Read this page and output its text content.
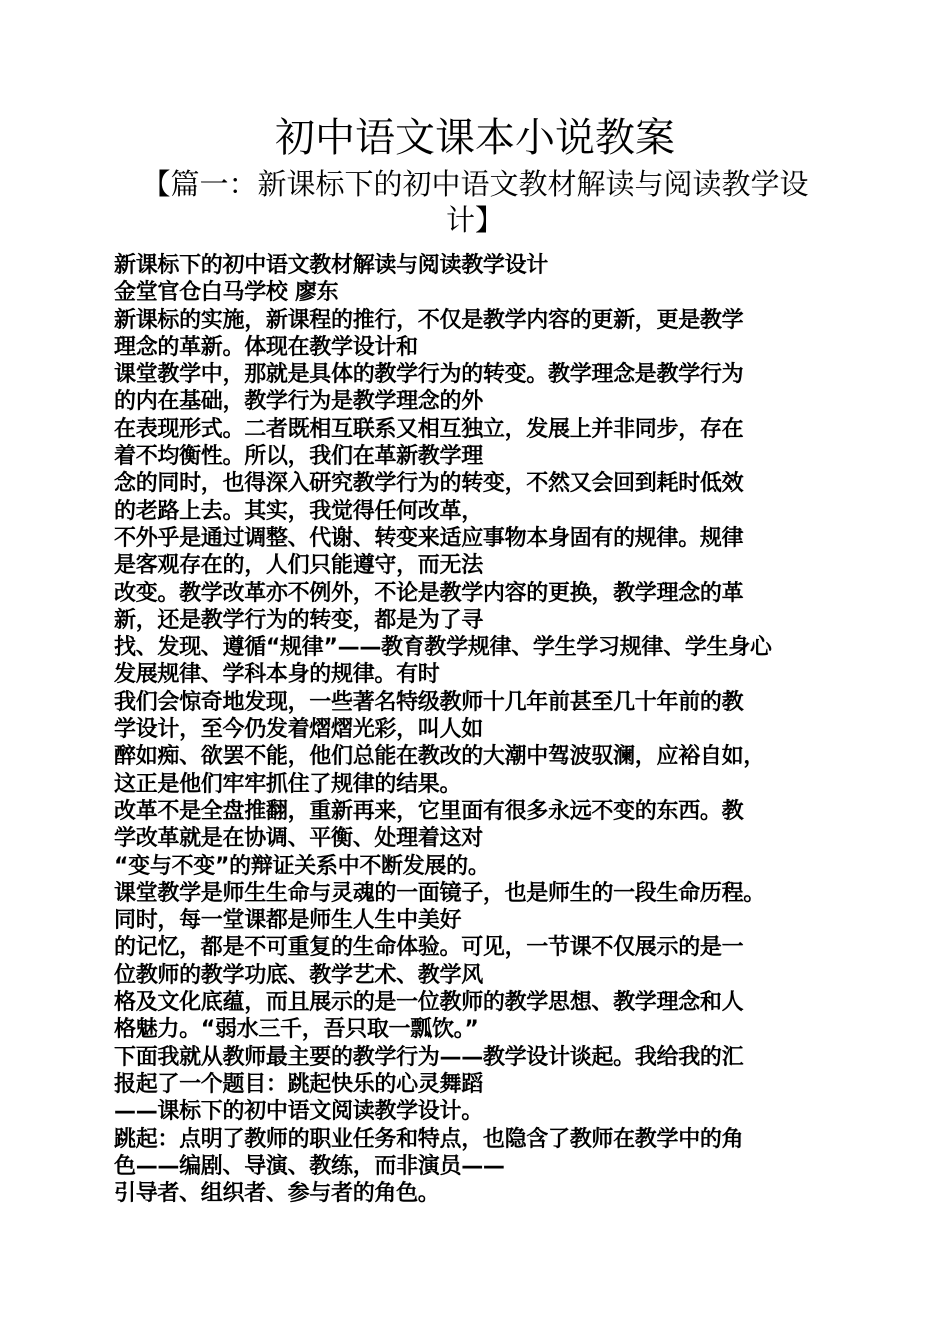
初中语文课本小说教案
【篇一：新课标下的初中语文教材解读与阅读教学设
计】
新课标下的初中语文教材解读与阅读教学设计
金堂官仓白马学校 廖东
新课标的实施，新课程的推行，不仅是教学内容的更新，更是教学
理念的革新。体现在教学设计和
课堂教学中，那就是具体的教学行为的转变。教学理念是教学行为
的内在基础，教学行为是教学理念的外
在表现形式。二者既相互联系又相互独立，发展上并非同步，存在
着不均衡性。所以，我们在革新教学理
念的同时，也得深入研究教学行为的转变，不然又会回到耗时低效
的老路上去。其实，我觉得任何改革，
不外乎是通过调整、代谢、转变来适应事物本身固有的规律。规律
是客观存在的，人们只能遵守，而无法
改变。教学改革亦不例外，不论是教学内容的更换，教学理念的革
新，还是教学行为的转变，都是为了寻
找、发现、遵循“规律”——教育教学规律、学生学习规律、学生身心
发展规律、学科本身的规律。有时
我们会惊奇地发现，一些著名特级教师十几年前甚至几十年前的教
学设计，至今仍发着熠熠光彩，叫人如
醉如痴、欲罢不能，他们总能在教改的大潮中驾波驭澜，应裕自如，
这正是他们牢牢抓住了规律的结果。
改革不是全盘推翻，重新再来，它里面有很多永远不变的东西。教
学改革就是在协调、平衡、处理着这对
“变与不变”的辩证关系中不断发展的。
课堂教学是师生生命与灵魂的一面镜子，也是师生的一段生命历程。
同时，每一堂课都是师生人生中美好
的记忆，都是不可重复的生命体验。可见，一节课不仅展示的是一
位教师的教学功底、教学艺术、教学风
格及文化底蕴，而且展示的是一位教师的教学思想、教学理念和人
格魅力。“弱水三千，吾只取一瓢饮。”
下面我就从教师最主要的教学行为——教学设计谈起。我给我的汇
报起了一个题目：跳起快乐的心灵舞蹈
——课标下的初中语文阅读教学设计。
跳起：点明了教师的职业任务和特点，也隐含了教师在教学中的角
色——编剧、导演、教练，而非演员——
引导者、组织者、参与者的角色。
